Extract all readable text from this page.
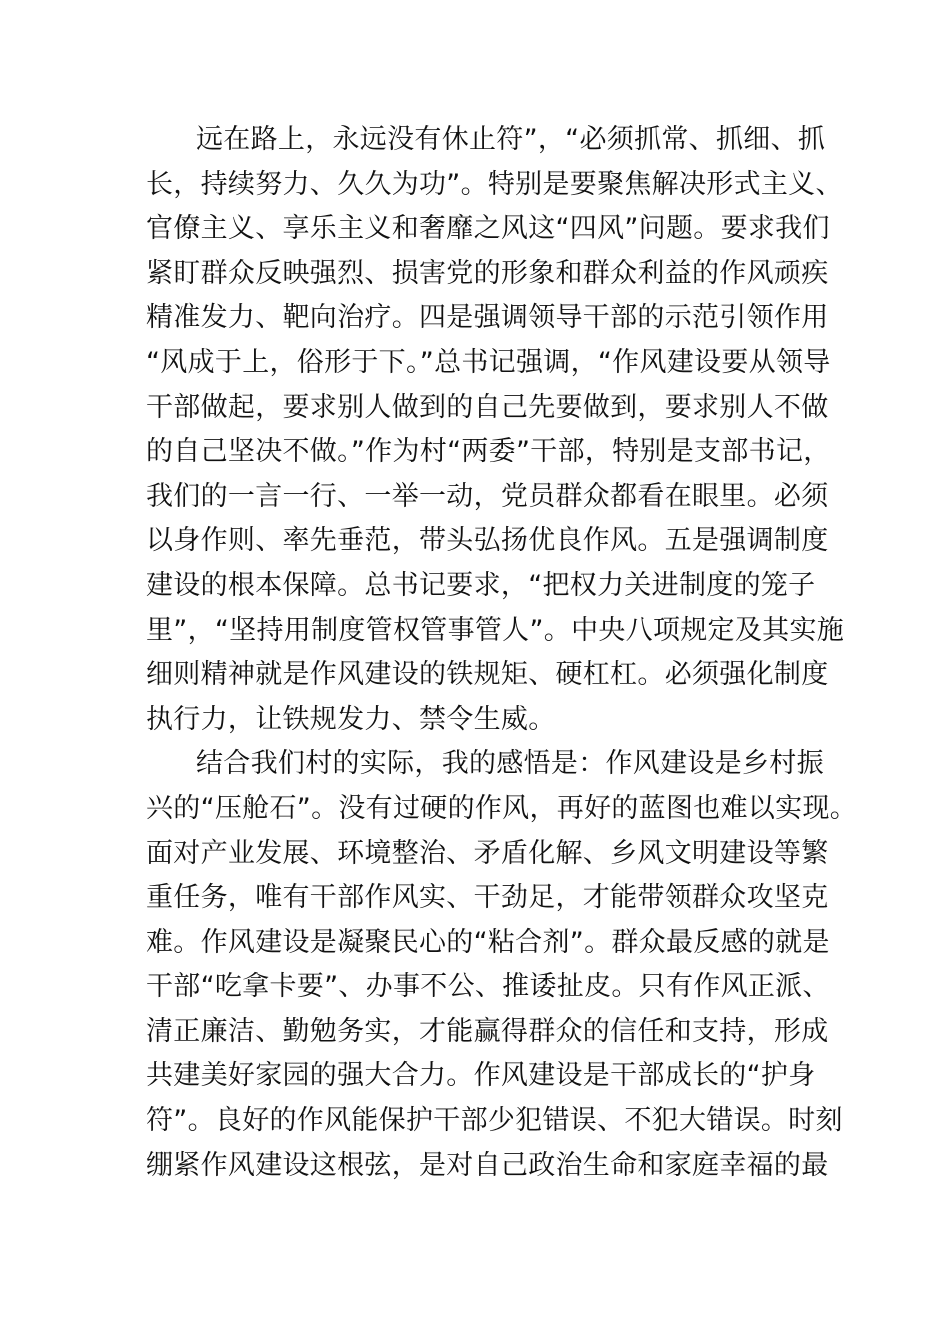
远在路上，永远没有休止符”，“必须抓常、抓细、抓
长，持续努力、久久为功”。特别是要聚焦解决形式主义、
官僚主义、享乐主义和奢靡之风这“四风”问题。要求我们
紧盯群众反映强烈、损害党的形象和群众利益的作风顽疾
精准发力、靶向治疗。四是强调领导干部的示范引领作用
“风成于上，俗形于下。”总书记强调，“作风建设要从领导
干部做起，要求别人做到的自己先要做到，要求别人不做
的自己坚决不做。”作为村“两委”干部，特别是支部书记，
我们的一言一行、一举一动，党员群众都看在眼里。必须
以身作则、率先垂范，带头弘扬优良作风。五是强调制度
建设的根本保障。总书记要求，“把权力关进制度的笼子
里”，“坚持用制度管权管事管人”。中央八项规定及其实施
细则精神就是作风建设的铁规矩、硬杠杠。必须强化制度
执行力，让铁规发力、禁令生威。
结合我们村的实际，我的感悟是：作风建设是乡村振
兴的“压舱石”。没有过硬的作风，再好的蓝图也难以实现。
面对产业发展、环境整治、矛盾化解、乡风文明建设等繁
重任务，唯有干部作风实、干劲足，才能带领群众攻坚克
难。作风建设是凝聚民心的“粘合剂”。群众最反感的就是
干部“吃拿卡要”、办事不公、推诿扯皮。只有作风正派、
清正廉洁、勤勉务实，才能赢得群众的信任和支持，形成
共建美好家园的强大合力。作风建设是干部成长的“护身
符”。良好的作风能保护干部少犯错误、不犯大错误。时刻
绷紧作风建设这根弦，是对自己政治生命和家庭幸福的最
